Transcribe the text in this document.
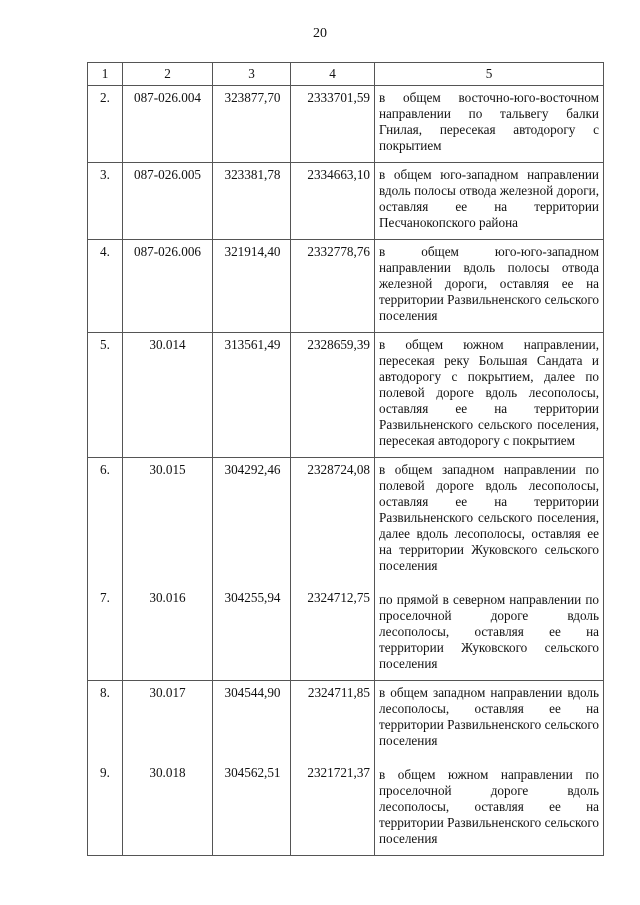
20
1	2	3	4	5
2.	087-026.004	323877,70	2333701,59	в общем восточно-юго-восточном направлении по тальвегу балки Гнилая, пересекая автодорогу с покрытием

3.	087-026.005	323381,78	2334663,10	в общем юго-западном направлении вдоль полосы отвода железной дороги, оставляя ее на территории Песчанокопского района

4.	087-026.006	321914,40	2332778,76	в общем юго-юго-западном направлении вдоль полосы отвода железной дороги, оставляя ее на территории Развильненского сельского поселения

5.	30.014	313561,49	2328659,39	в общем южном направлении, пересекая реку Большая Сандата и автодорогу с покрытием, далее по полевой дороге вдоль лесополосы, оставляя ее на территории Развильненского сельского поселения, пересекая автодорогу с покрытием

6.	30.015	304292,46	2328724,08	в общем западном направлении по полевой дороге вдоль лесополосы, оставляя ее на территории Развильненского сельского поселения, далее вдоль лесополосы, оставляя ее на территории Жуковского сельского поселения

7.	30.016	304255,94	2324712,75	по прямой в северном направлении по проселочной дороге вдоль лесополосы, оставляя ее на территории Жуковского сельского поселения

8.	30.017	304544,90	2324711,85	в общем западном направлении вдоль лесополосы, оставляя ее на территории Развильненского сельского поселения

9.	30.018	304562,51	2321721,37	в общем южном направлении по проселочной дороге вдоль лесополосы, оставляя ее на территории Развильненского сельского поселения
